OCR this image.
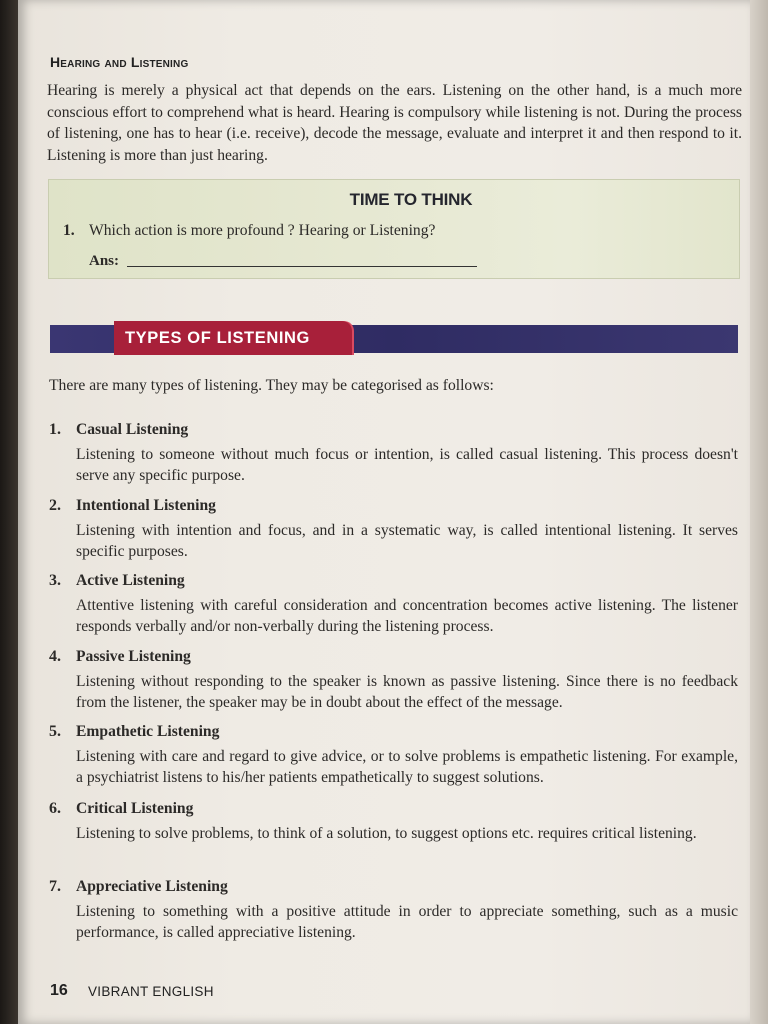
Hearing and Listening
Hearing is merely a physical act that depends on the ears. Listening on the other hand, is a much more conscious effort to comprehend what is heard. Hearing is compulsory while listening is not. During the process of listening, one has to hear (i.e. receive), decode the message, evaluate and interpret it and then respond to it. Listening is more than just hearing.
TIME TO THINK
1. Which action is more profound ? Hearing or Listening?
Ans:
TYPES OF LISTENING
There are many types of listening. They may be categorised as follows:
1. Casual Listening
Listening to someone without much focus or intention, is called casual listening. This process doesn't serve any specific purpose.
2. Intentional Listening
Listening with intention and focus, and in a systematic way, is called intentional listening. It serves specific purposes.
3. Active Listening
Attentive listening with careful consideration and concentration becomes active listening. The listener responds verbally and/or non-verbally during the listening process.
4. Passive Listening
Listening without responding to the speaker is known as passive listening. Since there is no feedback from the listener, the speaker may be in doubt about the effect of the message.
5. Empathetic Listening
Listening with care and regard to give advice, or to solve problems is empathetic listening. For example, a psychiatrist listens to his/her patients empathetically to suggest solutions.
6. Critical Listening
Listening to solve problems, to think of a solution, to suggest options etc. requires critical listening.
7. Appreciative Listening
Listening to something with a positive attitude in order to appreciate something, such as a music performance, is called appreciative listening.
16 VIBRANT ENGLISH
